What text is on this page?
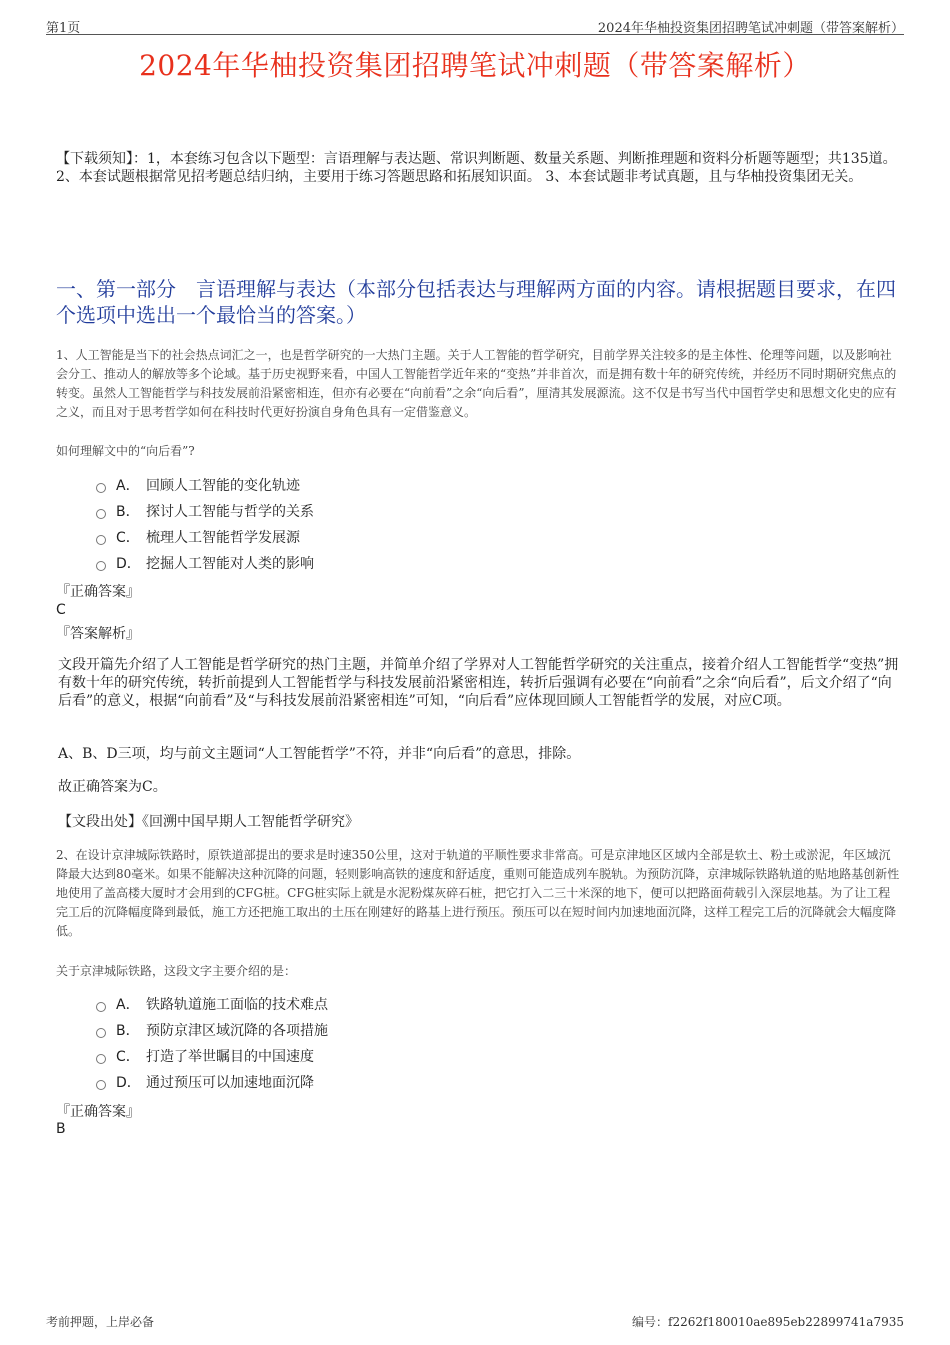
第1页	2024年华柚投资集团招聘笔试冲刺题（带答案解析）
2024年华柚投资集团招聘笔试冲刺题（带答案解析）
【下载须知】：1，本套练习包含以下题型：言语理解与表达题、常识判断题、数量关系题、判断推理题和资料分析题等题型；共135道。 2、本套试题根据常见招考题总结归纳，主要用于练习答题思路和拓展知识面。 3、本套试题非考试真题，且与华柚投资集团无关。
一、第一部分　言语理解与表达（本部分包括表达与理解两方面的内容。请根据题目要求，在四个选项中选出一个最恰当的答案。）
1、人工智能是当下的社会热点词汇之一，也是哲学研究的一大热门主题。关于人工智能的哲学研究，目前学界关注较多的是主体性、伦理等问题，以及影响社会分工、推动人的解放等多个论域。基于历史视野来看，中国人工智能哲学近年来的“变热”并非首次，而是拥有数十年的研究传统，并经历不同时期研究焦点的转变。虽然人工智能哲学与科技发展前沿紧密相连，但亦有必要在“向前看”之余“向后看”，厘清其发展源流。这不仅是书写当代中国哲学史和思想文化史的应有之义，而且对于思考哲学如何在科技时代更好扮演自身角色具有一定借鉴意义。
如何理解文中的“向后看”?
A． 回顾人工智能的变化轨迹
B． 探讨人工智能与哲学的关系
C． 梳理人工智能哲学发展源
D． 挖掘人工智能对人类的影响
『正确答案』
C
『答案解析』
文段开篇先介绍了人工智能是哲学研究的热门主题，并简单介绍了学界对人工智能哲学研究的关注重点，接着介绍人工智能哲学“变热”拥有数十年的研究传统，转折前提到人工智能哲学与科技发展前沿紧密相连，转折后强调有必要在“向前看”之余“向后看”，后文介绍了“向后看”的意义，根据“向前看”及“与科技发展前沿紧密相连”可知，“向后看”应体现回顾人工智能哲学的发展，对应C项。
A、B、D三项，均与前文主题词“人工智能哲学”不符，并非“向后看”的意思，排除。
故正确答案为C。
【文段出处】《回溯中国早期人工智能哲学研究》
2、在设计京津城际铁路时，原铁道部提出的要求是时速350公里，这对于轨道的平顺性要求非常高。可是京津地区区域内全部是软土、粉土或淤泥，年区域沉降最大达到80毫米。如果不能解决这种沉降的问题，轻则影响高铁的速度和舒适度，重则可能造成列车脱轨。为预防沉降，京津城际铁路轨道的贴地路基创新性地使用了盖高楼大厦时才会用到的CFG桩。CFG桩实际上就是水泥粉煤灰碎石桩，把它打入二三十米深的地下，便可以把路面荷载引入深层地基。为了让工程完工后的沉降幅度降到最低，施工方还把施工取出的土压在刚建好的路基上进行预压。预压可以在短时间内加速地面沉降，这样工程完工后的沉降就会大幅度降低。
关于京津城际铁路，这段文字主要介绍的是：
A． 铁路轨道施工面临的技术难点
B． 预防京津区域沉降的各项措施
C． 打造了举世瞩目的中国速度
D． 通过预压可以加速地面沉降
『正确答案』
B
考前押题，上岸必备	编号：f2262f180010ae895eb22899741a7935
